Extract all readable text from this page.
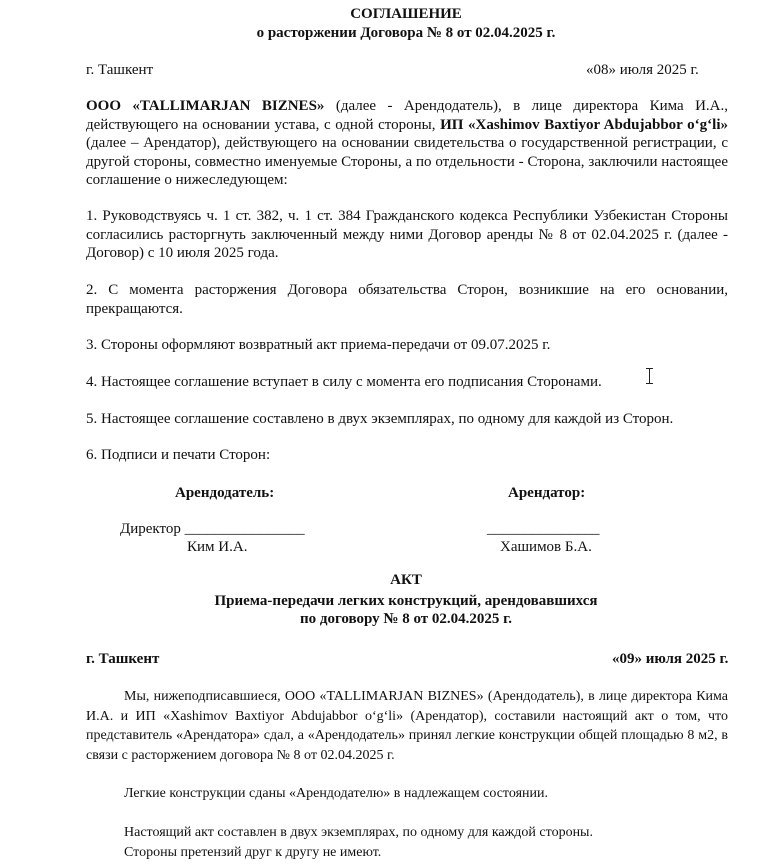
СОГЛАШЕНИЕ
о расторжении Договора № 8 от 02.04.2025 г.
г. Ташкент	«08» июля 2025 г.
ООО «TALLIMARJAN BIZNES» (далее - Арендодатель), в лице директора Кима И.А., действующего на основании устава, с одной стороны, ИП «Xashimov Baxtiyor Abdujabbor o‘g‘li» (далее – Арендатор), действующего на основании свидетельства о государственной регистрации, с другой стороны, совместно именуемые Стороны, а по отдельности - Сторона, заключили настоящее соглашение о нижеследующем:
1. Руководствуясь ч. 1 ст. 382, ч. 1 ст. 384 Гражданского кодекса Республики Узбекистан Стороны согласились расторгнуть заключенный между ними Договор аренды № 8 от 02.04.2025 г. (далее - Договор) с 10 июля 2025 года.
2. С момента расторжения Договора обязательства Сторон, возникшие на его основании, прекращаются.
3. Стороны оформляют возвратный акт приема-передачи от 09.07.2025 г.
4. Настоящее соглашение вступает в силу с момента его подписания Сторонами.
5. Настоящее соглашение составлено в двух экземплярах, по одному для каждой из Сторон.
6. Подписи и печати Сторон:
Арендодатель:	Арендатор:
Директор ________________	_______________
Ким И.А.	Хашимов Б.А.
АКТ
Приема-передачи легких конструкций, арендовавшихся
по договору № 8 от 02.04.2025 г.
г. Ташкент	«09» июля 2025 г.
Мы, нижеподписавшиеся, ООО «TALLIMARJAN BIZNES» (Арендодатель), в лице директора Кима И.А. и ИП «Xashimov Baxtiyor Abdujabbor o‘g‘li» (Арендатор), составили настоящий акт о том, что представитель «Арендатора» сдал, а «Арендодатель» принял легкие конструкции общей площадью 8 м2, в связи с расторжением договора № 8 от 02.04.2025 г.
Легкие конструкции сданы «Арендодателю» в надлежащем состоянии.
Настоящий акт составлен в двух экземплярах, по одному для каждой стороны.
Стороны претензий друг к другу не имеют.
